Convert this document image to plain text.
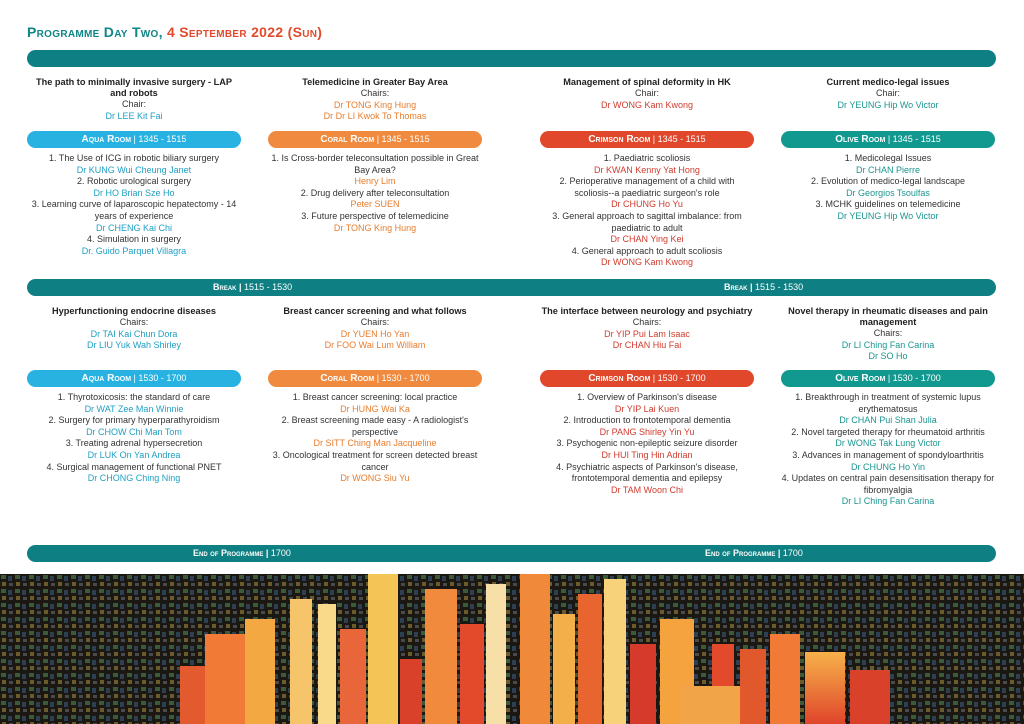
Programme Day Two, 4 September 2022 (Sun)
Break | 1515 - 1530	Break | 1515 - 1530
End of Programme | 1700	End of Programme | 1700
The path to minimally invasive surgery - LAP and robots
Chair:
Dr LEE Kit Fai
Telemedicine in Greater Bay Area
Chairs:
Dr TONG King Hung
Dr Dr LI Kwok To Thomas
Management of spinal deformity in HK
Chair:
Dr WONG Kam Kwong
Current medico-legal issues
Chair:
Dr YEUNG Hip Wo Victor
Aqua Room | 1345 - 1515	Coral Room | 1345 - 1515	Crimson Room | 1345 - 1515	Olive Room | 1345 - 1515
1. The Use of ICG in robotic biliary surgery
Dr KUNG Wui Cheung Janet
2. Robotic urological surgery
Dr HO Brian Sze Ho
3. Learning curve of laparoscopic hepatectomy - 14 years of experience
Dr CHENG Kai Chi
4. Simulation in surgery
Dr. Guido Parquet Villagra
1. Is Cross-border teleconsultation possible in Great Bay Area?
Henry Lim
2. Drug delivery after teleconsultation
Peter SUEN
3. Future perspective of telemedicine
Dr TONG King Hung
1. Paediatric scoliosis
Dr KWAN Kenny Yat Hong
2. Perioperative management of a child with scoliosis--a paediatric surgeon's role
Dr CHUNG Ho Yu
3. General approach to sagittal imbalance: from paediatric to adult
Dr CHAN Ying Kei
4. General approach to adult scoliosis
Dr WONG Kam Kwong
1. Medicolegal Issues
Dr CHAN Pierre
2. Evolution of medico-legal landscape
Dr Georgios Tsoulfas
3. MCHK guidelines on telemedicine
Dr YEUNG Hip Wo Victor
Hyperfunctioning endocrine diseases
Chairs:
Dr TAI Kai Chun Dora
Dr LIU Yuk Wah Shirley
Breast cancer screening and what follows
Chairs:
Dr YUEN Ho Yan
Dr FOO Wai Lum William
The interface between neurology and psychiatry
Chairs:
Dr YIP Pui Lam Isaac
Dr CHAN Hiu Fai
Novel therapy in rheumatic diseases and pain management
Chairs:
Dr LI Ching Fan Carina
Dr SO Ho
Aqua Room | 1530 - 1700	Coral Room | 1530 - 1700	Crimson Room | 1530 - 1700	Olive Room | 1530 - 1700
1. Thyrotoxicosis: the standard of care
Dr WAT Zee Man Winnie
2. Surgery for primary hyperparathyroidism
Dr CHOW Chi Man Tom
3. Treating adrenal hypersecretion
Dr LUK On Yan Andrea
4. Surgical management of functional PNET
Dr CHONG Ching Ning
1. Breast cancer screening: local practice
Dr HUNG Wai Ka
2. Breast screening made easy - A radiologist's perspective
Dr SITT Ching Man Jacqueline
3. Oncological treatment for screen detected breast cancer
Dr WONG Siu Yu
1. Overview of Parkinson's disease
Dr YIP Lai Kuen
2. Introduction to frontotemporal dementia
Dr PANG Shirley Yin Yu
3. Psychogenic non-epileptic seizure disorder
Dr HUI Ting Hin Adrian
4. Psychiatric aspects of Parkinson's disease, frontotemporal dementia and epilepsy
Dr TAM Woon Chi
1. Breakthrough in treatment of systemic lupus erythematosus
Dr CHAN Pui Shan Julia
2. Novel targeted therapy for rheumatoid arthritis
Dr WONG Tak Lung Victor
3. Advances in management of spondyloarthritis
Dr CHUNG Ho Yin
4. Updates on central pain desensitisation therapy for fibromyalgia
Dr LI Ching Fan Carina
